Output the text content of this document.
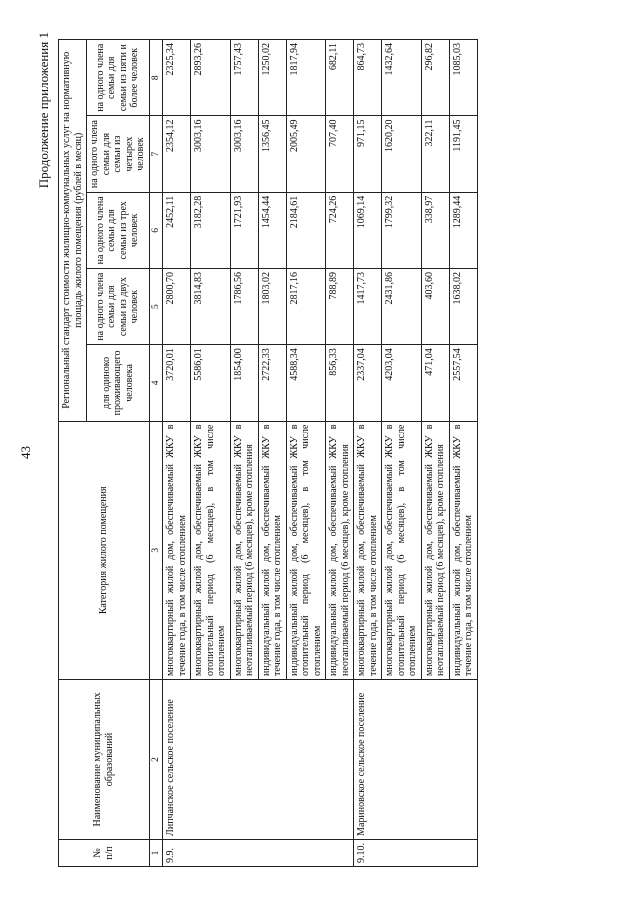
43
Продолжение приложения 1
№ п/п	Наименование муниципальных образований	Категория жилого помещения	Региональный стандарт стоимости жилищно-коммунальных услуг на нормативную площадь жилого помещения (рублей в месяц)				
			для одиноко проживающего человека	на одного члена семьи для семьи из двух человек	на одного члена семьи для семьи из трех человек	на одного члена семьи для семьи из четырех человек	на одного члена семьи для семьи из пяти и более человек
1	2	3	4	5	6	7	8
9.9.	Липчанское сельское поселение	многоквартирный жилой дом, обеспечиваемый ЖКУ в течение года, в том числе отоплением	3720,01	2800,70	2452,11	2354,12	2325,34
		многоквартирный жилой дом, обеспечиваемый ЖКУ в отопительный период (6 месяцев), в том числе отоплением	5586,01	3814,83	3182,28	3003,16	2893,26
		многоквартирный жилой дом, обеспечиваемый ЖКУ в неотапливаемый период (6 месяцев), кроме отопления	1854,00	1786,56	1721,93	3003,16	1757,43
		индивидуальный жилой дом, обеспечиваемый ЖКУ в течение года, в том числе отоплением	2722,33	1803,02	1454,44	1356,45	1250,02
		индивидуальный жилой дом, обеспечиваемый ЖКУ в отопительный период (6 месяцев), в том числе отоплением	4588,34	2817,16	2184,61	2005,49	1817,94
		индивидуальный жилой дом, обеспечиваемый ЖКУ в неотапливаемый период (6 месяцев), кроме отопления	856,33	788,89	724,26	707,40	682,11
9.10.	Мариновское сельское поселение	многоквартирный жилой дом, обеспечиваемый ЖКУ в течение года, в том числе отоплением	2337,04	1417,73	1069,14	971,15	864,73
		многоквартирный жилой дом, обеспечиваемый ЖКУ в отопительный период (6 месяцев), в том числе отоплением	4203,04	2431,86	1799,32	1620,20	1432,64
		многоквартирный жилой дом, обеспечиваемый ЖКУ в неотапливаемый период (6 месяцев), кроме отопления	471,04	403,60	338,97	322,11	296,82
		индивидуальный жилой дом, обеспечиваемый ЖКУ в течение года, в том числе отоплением	2557,54	1638,02	1289,44	1191,45	1085,03
